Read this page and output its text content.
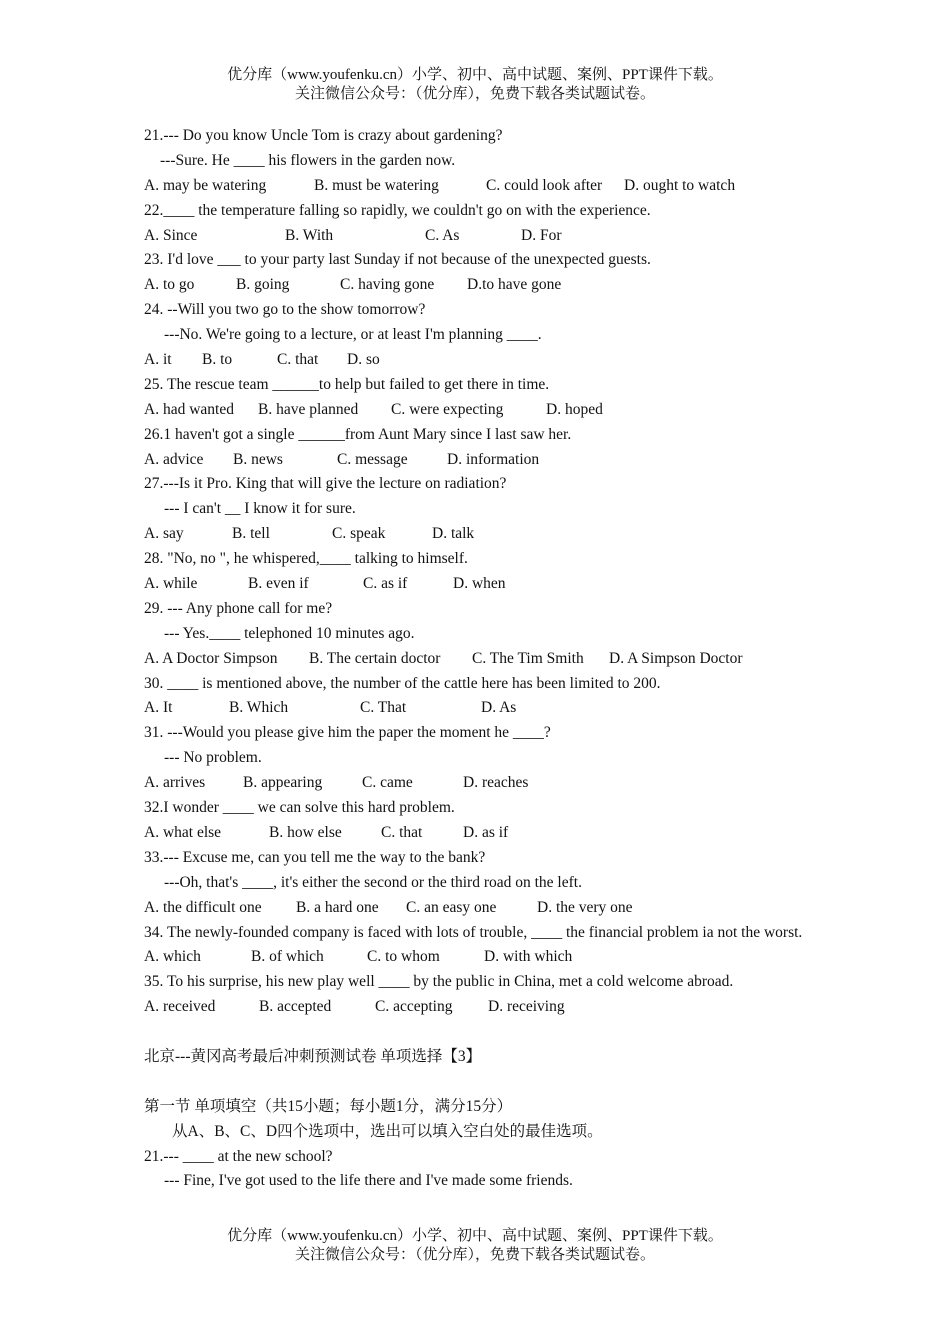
优分库（www.youfenku.cn）小学、初中、高中试题、案例、PPT课件下载。
关注微信公众号：（优分库），免费下载各类试题试卷。
21.--- Do you know Uncle Tom is crazy about gardening?
---Sure. He ____ his flowers in the garden now.
A. may be watering	B. must be watering	C. could look after	D. ought to watch
22.____ the temperature falling so rapidly, we couldn't go on with the experience.
A. Since	B. With	C. As	D. For
23. I'd love ___ to your party last Sunday if not because of the unexpected guests.
A. to go	B. going	C. having gone	D.to have gone
24. --Will you two go to the show tomorrow?
---No. We're going to a lecture, or at least I'm planning ____.
A. it	B. to	C. that	D. so
25. The rescue team ______to help but failed to get there in time.
A. had wanted	B. have planned	C. were expecting	D. hoped
26.1 haven't got a single ______from Aunt Mary since I last saw her.
A. advice	B. news	C. message	D. information
27.---Is it Pro. King that will give the lecture on radiation?
--- I can't __ I know it for sure.
A. say	B. tell	C. speak	D. talk
28. "No, no ", he whispered,____ talking to himself.
A. while	B. even if	C. as if	D. when
29. --- Any phone call for me?
--- Yes.____ telephoned 10 minutes ago.
A. A Doctor Simpson	B. The certain doctor	C. The Tim Smith	D. A Simpson Doctor
30. ____ is mentioned above, the number of the cattle here has been limited to 200.
A. It	B. Which	C. That	D. As
31. ---Would you please give him the paper the moment he ____?
--- No problem.
A. arrives	B. appearing	C. came	D. reaches
32.I wonder ____ we can solve this hard problem.
A. what else	B. how else	C. that	D. as if
33.--- Excuse me, can you tell me the way to the bank?
---Oh, that's ____, it's either the second or the third road on the left.
A. the difficult one	B. a hard one	C. an easy one	D. the very one
34. The newly-founded company is faced with lots of trouble, ____ the financial problem ia not the worst.
A. which	B. of which	C. to whom	D. with which
35. To his surprise, his new play well ____ by the public in China, met a cold welcome abroad.
A. received	B. accepted	C. accepting	D. receiving
北京---黄冈高考最后冲刺预测试卷 单项选择【3】
第一节 单项填空（共15小题；每小题1分，满分15分）
从A、B、C、D四个选项中，选出可以填入空白处的最佳选项。
21.--- ____ at the new school?
--- Fine, I've got used to the life there and I've made some friends.
优分库（www.youfenku.cn）小学、初中、高中试题、案例、PPT课件下载。
关注微信公众号：（优分库），免费下载各类试题试卷。
